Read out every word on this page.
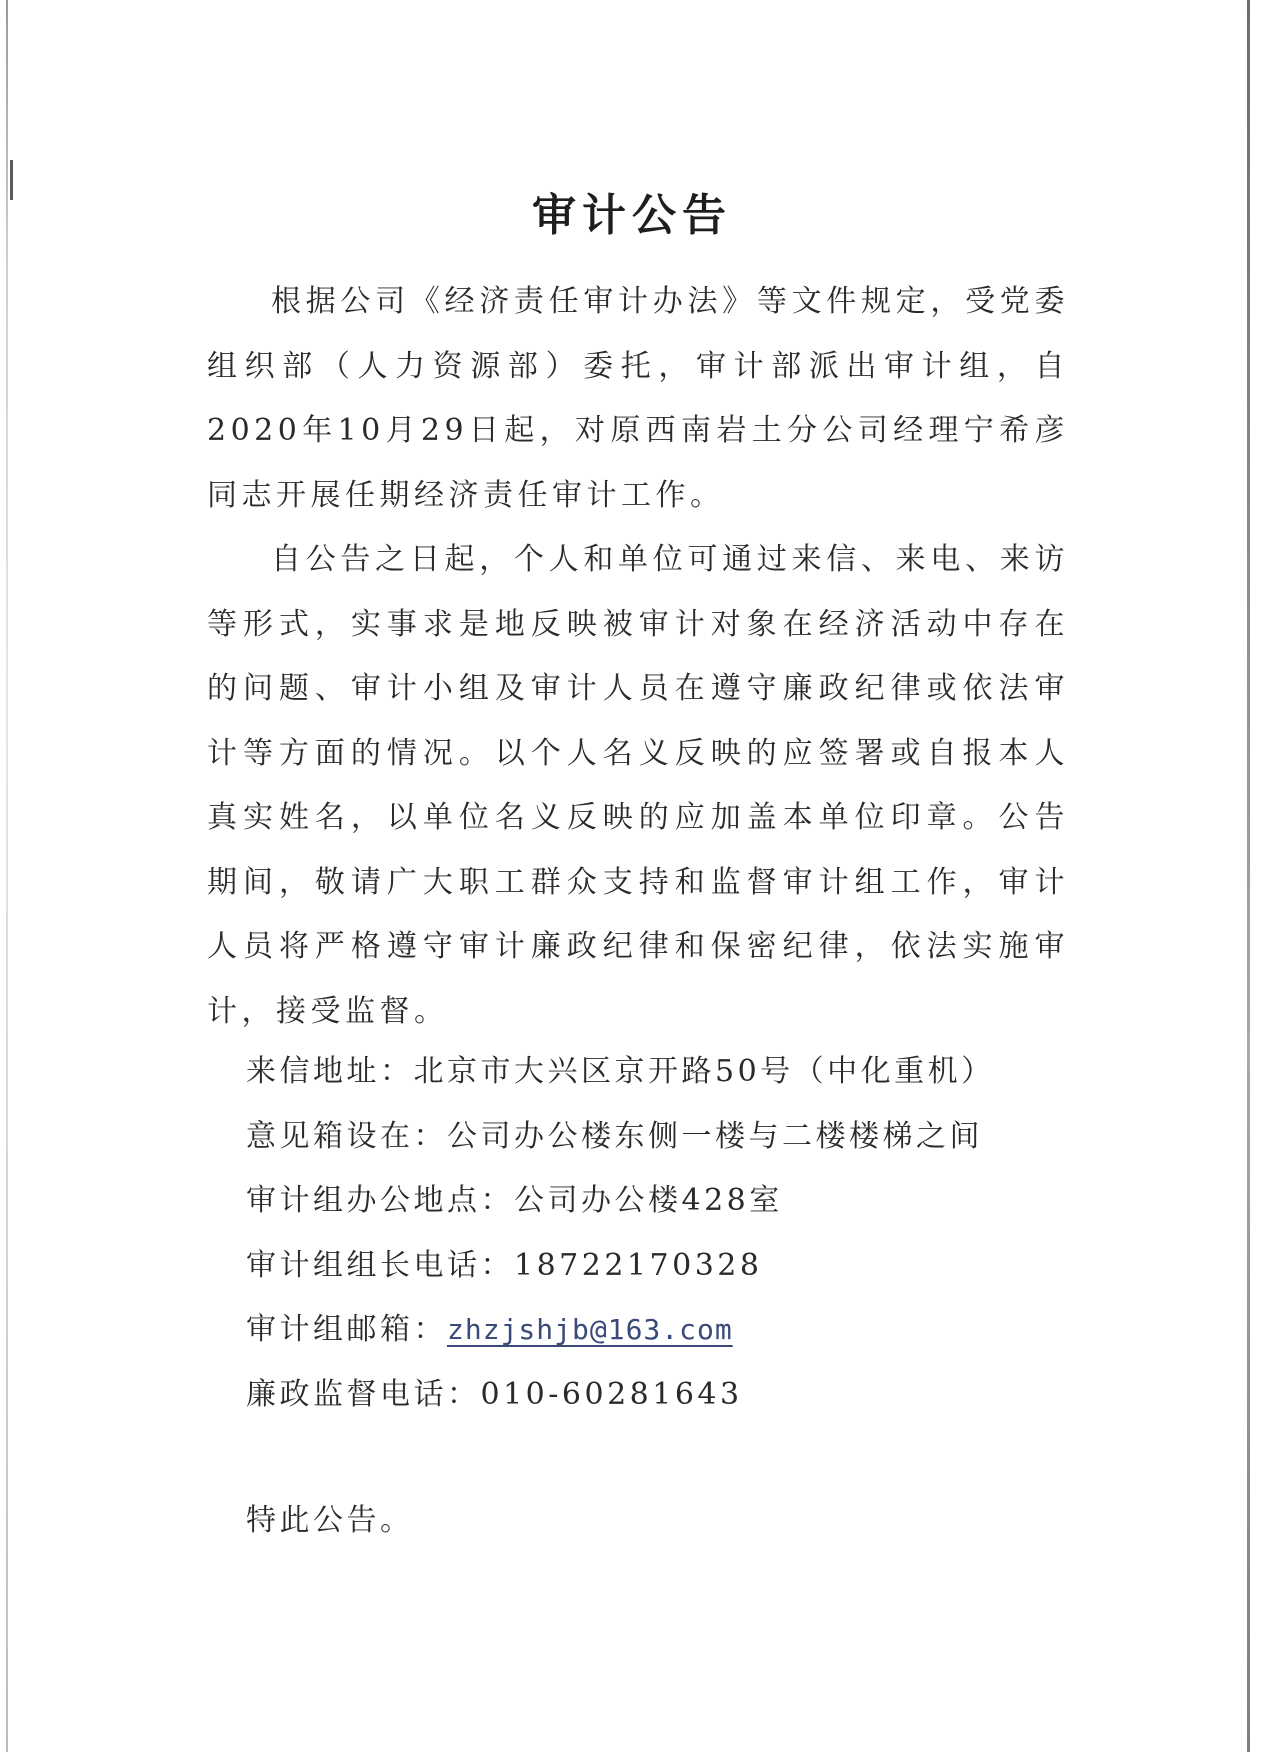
审计公告

根据公司《经济责任审计办法》等文件规定，受党委组织部（人力资源部）委托，审计部派出审计组，自2020年10月29日起，对原西南岩土分公司经理宁希彦同志开展任期经济责任审计工作。

自公告之日起，个人和单位可通过来信、来电、来访等形式，实事求是地反映被审计对象在经济活动中存在的问题、审计小组及审计人员在遵守廉政纪律或依法审计等方面的情况。以个人名义反映的应签署或自报本人真实姓名，以单位名义反映的应加盖本单位印章。公告期间，敬请广大职工群众支持和监督审计组工作，审计人员将严格遵守审计廉政纪律和保密纪律，依法实施审计，接受监督。

来信地址：北京市大兴区京开路50号（中化重机）

意见箱设在：公司办公楼东侧一楼与二楼楼梯之间

审计组办公地点：公司办公楼428室

审计组组长电话：18722170328

审计组邮箱：zhzjshjb@163.com

廉政监督电话：010-60281643

特此公告。
